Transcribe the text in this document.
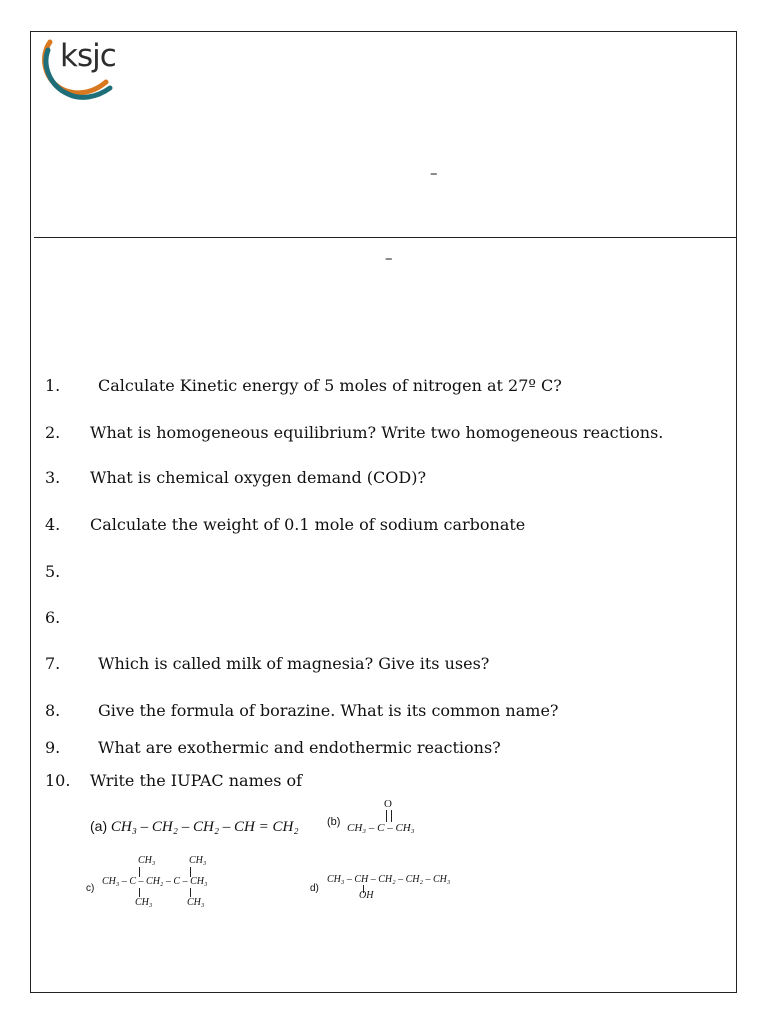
ksjc
–
–
1. Calculate Kinetic energy of 5 moles of nitrogen at 27º C?
2. What is homogeneous equilibrium? Write two homogeneous reactions.
3. What is chemical oxygen demand (COD)?
4. Calculate the weight of 0.1 mole of sodium carbonate
5.
6.
7. Which is called milk of magnesia? Give its uses?
8. Give the formula of borazine. What is its common name?
9. What are exothermic and endothermic reactions?
10. Write the IUPAC names of
(a) CH₃ – CH₂ – CH₂ – CH = CH₂	(b)
O
CH₃ – C – CH₃
c)
CH₃	CH₃
CH₃ – C – CH₂ – C – CH₃
CH₃	CH₃
d)
CH₃ – CH – CH₂ – CH₂ – CH₃
OH
